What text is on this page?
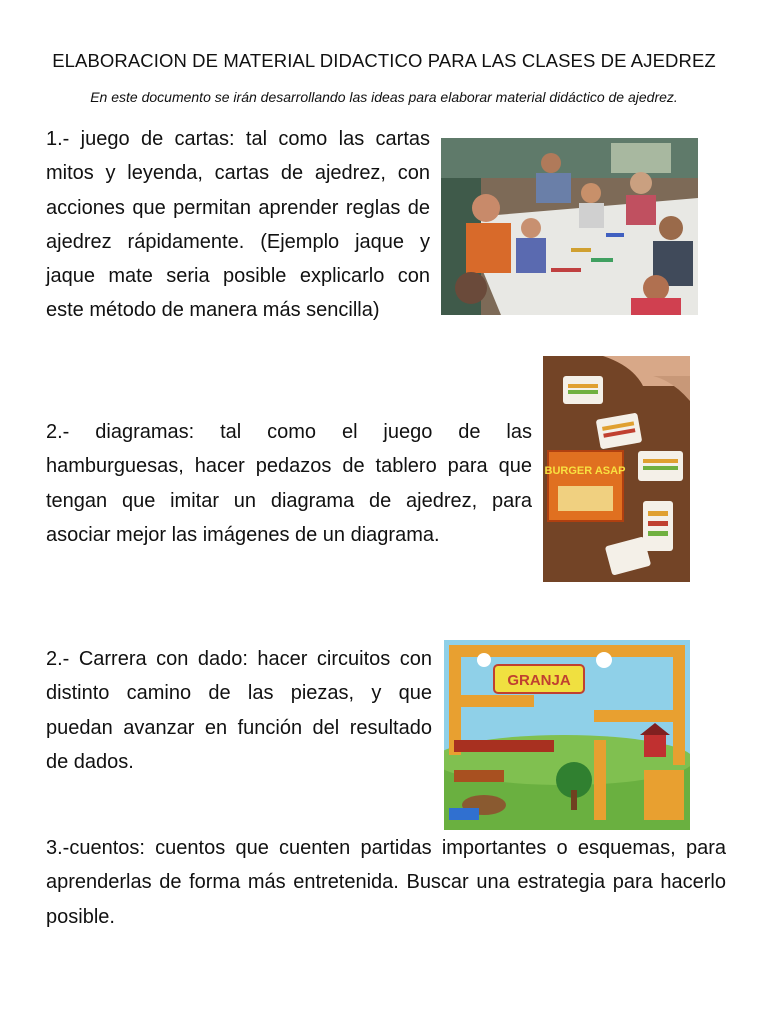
ELABORACION DE MATERIAL DIDACTICO PARA LAS CLASES DE AJEDREZ
En este documento se irán desarrollando las ideas para elaborar material didáctico de ajedrez.
1.- juego de cartas: tal como las cartas mitos y leyenda, cartas de ajedrez, con acciones que permitan aprender reglas de ajedrez rápidamente. (Ejemplo jaque y jaque mate seria posible explicarlo con este método de manera más sencilla)
2.- diagramas: tal como el juego de las hamburguesas, hacer pedazos de tablero para que tengan que imitar un diagrama de ajedrez, para asociar mejor las imágenes de un diagrama.
BURGER ASAP
2.- Carrera con dado: hacer circuitos con distinto camino de las piezas, y que puedan avanzar en función del resultado de dados.
GRANJA
3.-cuentos: cuentos que cuenten partidas importantes o esquemas, para aprenderlas de forma más entretenida. Buscar una estrategia para hacerlo posible.
